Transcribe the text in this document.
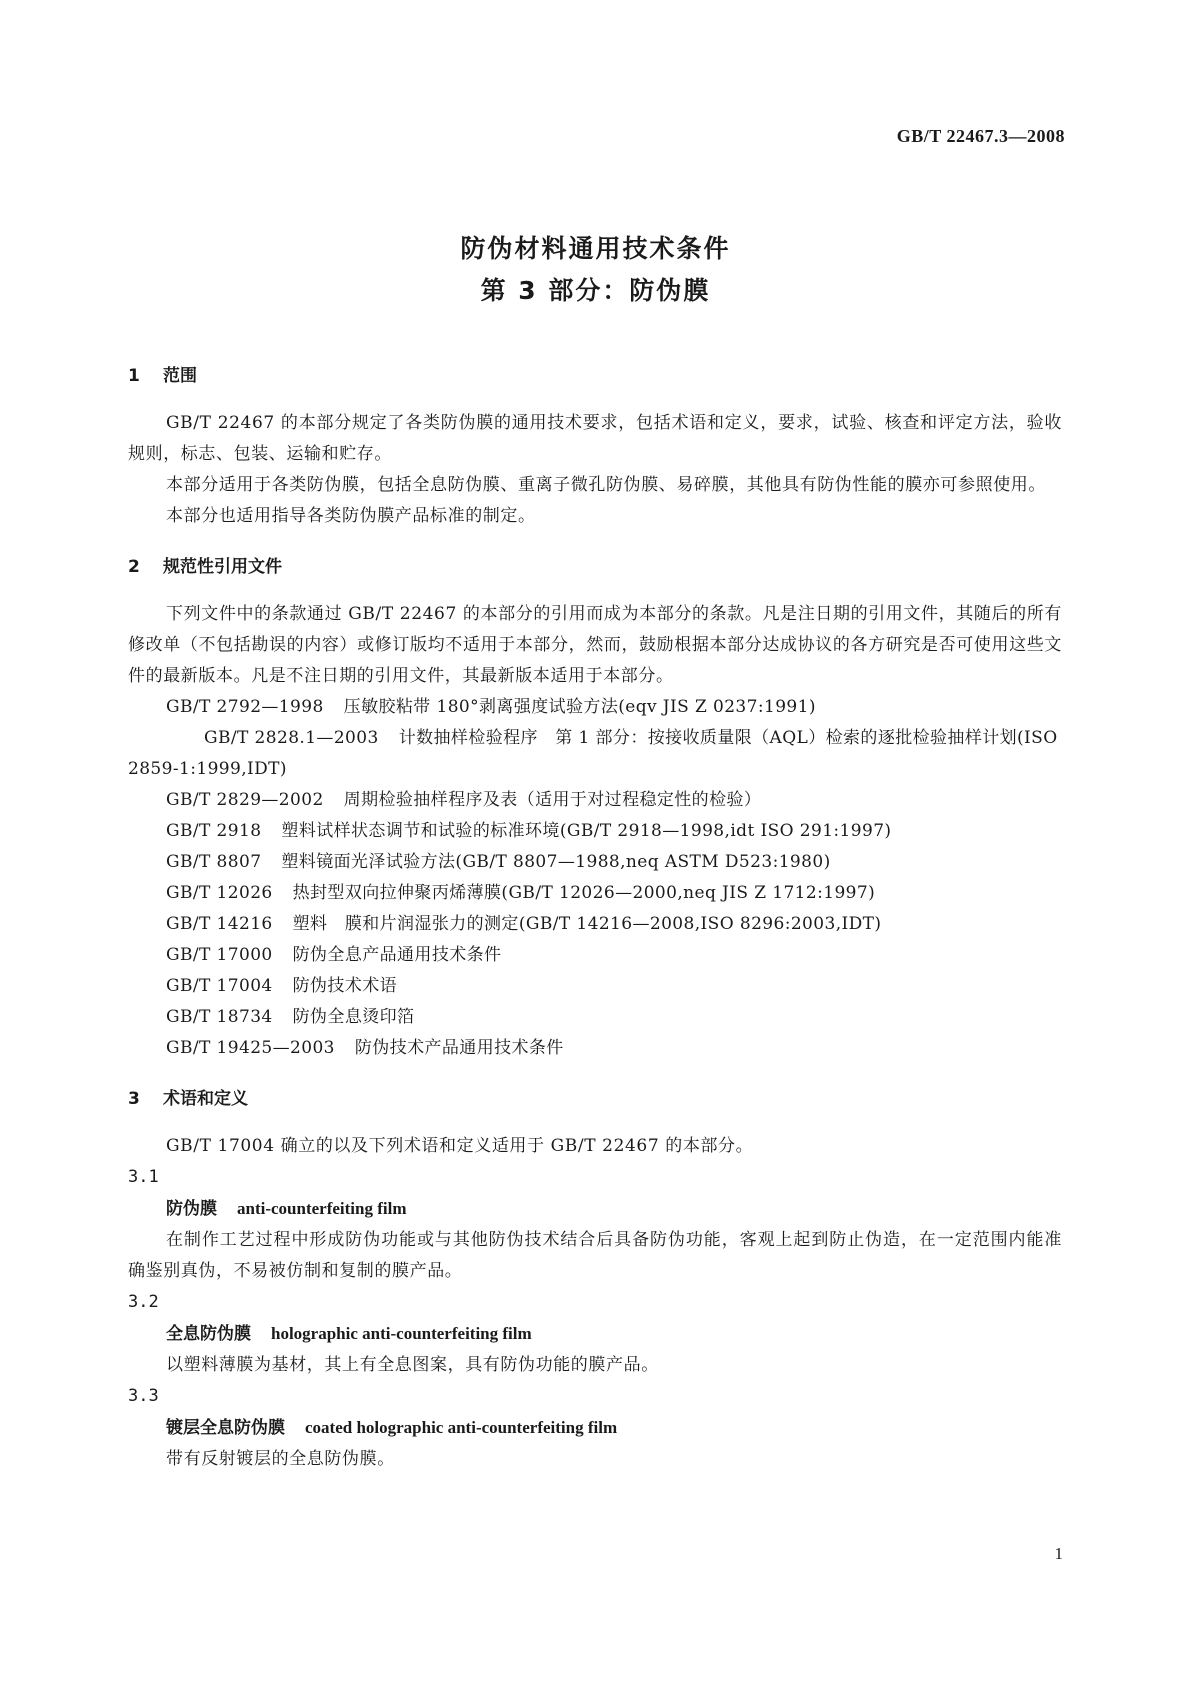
GB/T 22467.3—2008
防伪材料通用技术条件
第 3 部分：防伪膜
1 范围

GB/T 22467 的本部分规定了各类防伪膜的通用技术要求，包括术语和定义，要求，试验、核查和评定方法，验收规则，标志、包装、运输和贮存。

本部分适用于各类防伪膜，包括全息防伪膜、重离子微孔防伪膜、易碎膜，其他具有防伪性能的膜亦可参照使用。

本部分也适用指导各类防伪膜产品标准的制定。

2 规范性引用文件

下列文件中的条款通过 GB/T 22467 的本部分的引用而成为本部分的条款。凡是注日期的引用文件，其随后的所有修改单（不包括勘误的内容）或修订版均不适用于本部分，然而，鼓励根据本部分达成协议的各方研究是否可使用这些文件的最新版本。凡是不注日期的引用文件，其最新版本适用于本部分。

GB/T 2792—1998 压敏胶粘带 180°剥离强度试验方法(eqv JIS Z 0237:1991)

GB/T 2828.1—2003 计数抽样检验程序　第 1 部分：按接收质量限（AQL）检索的逐批检验抽样计划(ISO 2859-1:1999,IDT)

GB/T 2829—2002 周期检验抽样程序及表（适用于对过程稳定性的检验）

GB/T 2918 塑料试样状态调节和试验的标准环境(GB/T 2918—1998,idt ISO 291:1997)

GB/T 8807 塑料镜面光泽试验方法(GB/T 8807—1988,neq ASTM D523:1980)

GB/T 12026 热封型双向拉伸聚丙烯薄膜(GB/T 12026—2000,neq JIS Z 1712:1997)

GB/T 14216 塑料　膜和片润湿张力的测定(GB/T 14216—2008,ISO 8296:2003,IDT)

GB/T 17000 防伪全息产品通用技术条件

GB/T 17004 防伪技术术语

GB/T 18734 防伪全息烫印箔

GB/T 19425—2003 防伪技术产品通用技术条件

3 术语和定义

GB/T 17004 确立的以及下列术语和定义适用于 GB/T 22467 的本部分。

3.1

防伪膜 anti-counterfeiting film

在制作工艺过程中形成防伪功能或与其他防伪技术结合后具备防伪功能，客观上起到防止伪造，在一定范围内能准确鉴别真伪，不易被仿制和复制的膜产品。

3.2

全息防伪膜 holographic anti-counterfeiting film

以塑料薄膜为基材，其上有全息图案，具有防伪功能的膜产品。

3.3

镀层全息防伪膜 coated holographic anti-counterfeiting film

带有反射镀层的全息防伪膜。

1
